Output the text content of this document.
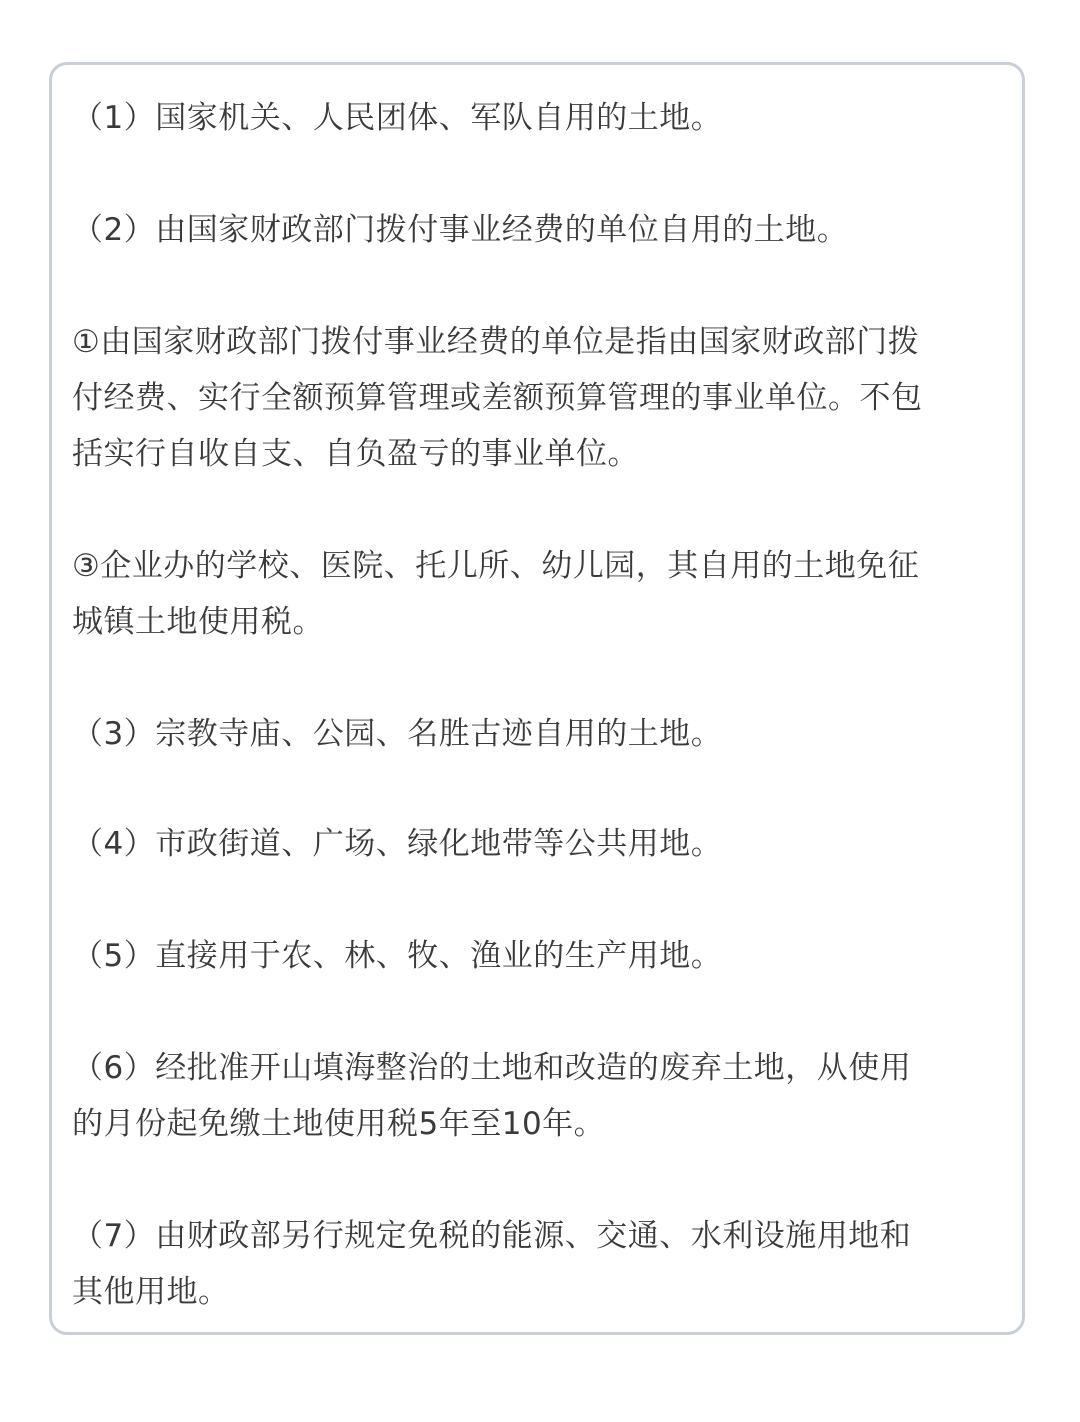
（1）国家机关、人民团体、军队自用的土地。

（2）由国家财政部门拨付事业经费的单位自用的土地。

①由国家财政部门拨付事业经费的单位是指由国家财政部门拨
付经费、实行全额预算管理或差额预算管理的事业单位。不包
括实行自收自支、自负盈亏的事业单位。

③企业办的学校、医院、托儿所、幼儿园，其自用的土地免征
城镇土地使用税。

（3）宗教寺庙、公园、名胜古迹自用的土地。

（4）市政街道、广场、绿化地带等公共用地。

（5）直接用于农、林、牧、渔业的生产用地。

（6）经批准开山填海整治的土地和改造的废弃土地，从使用
的月份起免缴土地使用税5年至10年。

（7）由财政部另行规定免税的能源、交通、水利设施用地和
其他用地。
